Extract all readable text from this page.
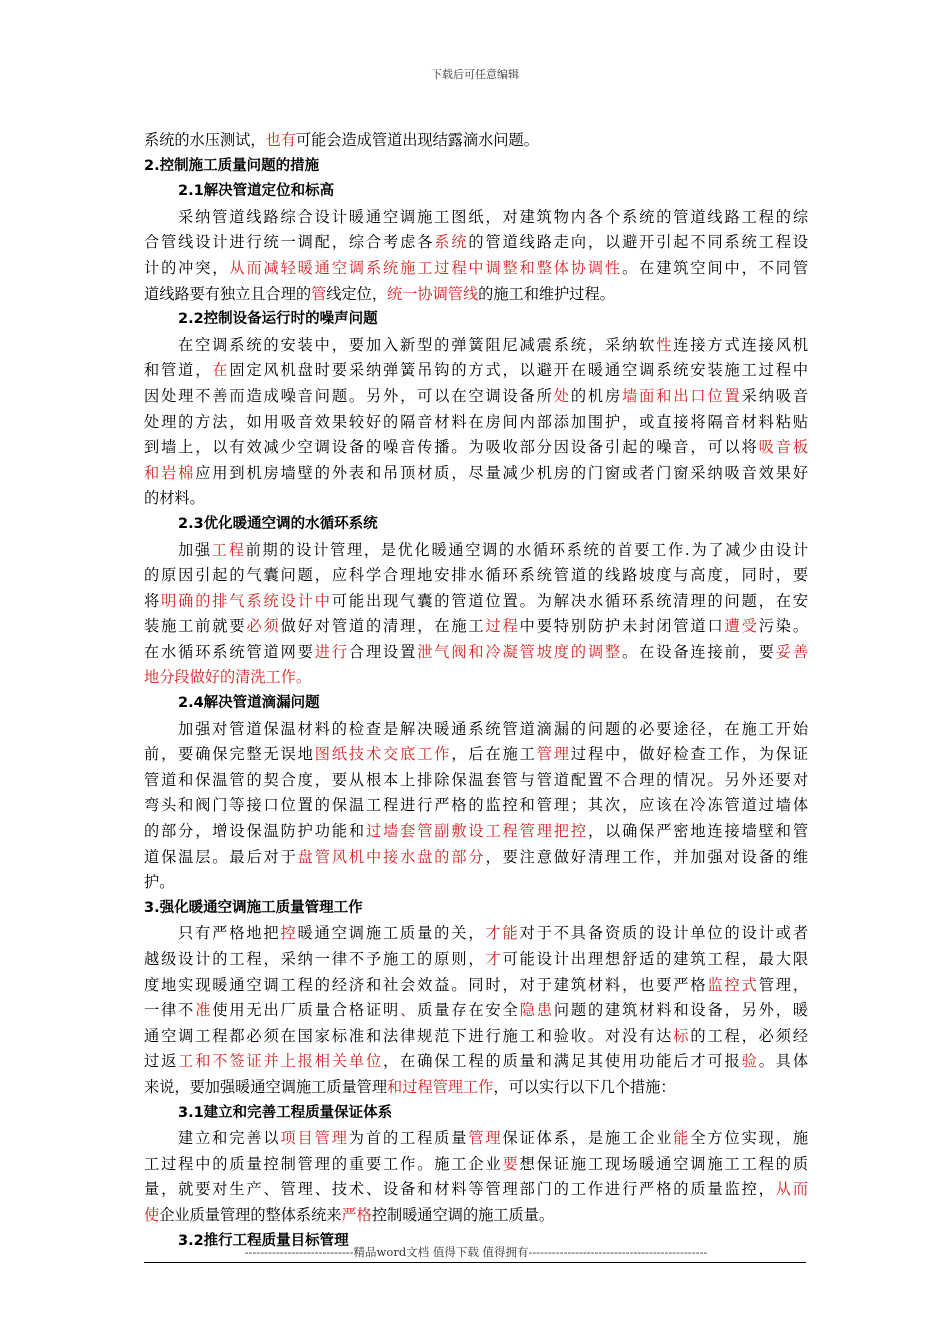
下载后可任意编辑
系统的水压测试，也有可能会造成管道出现结露滴水问题。
2.控制施工质量问题的措施
2.1解决管道定位和标高
采纳管道线路综合设计暖通空调施工图纸，对建筑物内各个系统的管道线路工程的综
合管线设计进行统一调配，综合考虑各系统的管道线路走向，以避开引起不同系统工程设
计的冲突，从而减轻暖通空调系统施工过程中调整和整体协调性。在建筑空间中，不同管
道线路要有独立且合理的管线定位，统一协调管线的施工和维护过程。
2.2控制设备运行时的噪声问题
在空调系统的安装中，要加入新型的弹簧阻尼减震系统，采纳软性连接方式连接风机
和管道，在固定风机盘时要采纳弹簧吊钩的方式，以避开在暖通空调系统安装施工过程中
因处理不善而造成噪音问题。另外，可以在空调设备所处的机房墙面和出口位置采纳吸音
处理的方法，如用吸音效果较好的隔音材料在房间内部添加围护，或直接将隔音材料粘贴
到墙上，以有效减少空调设备的噪音传播。为吸收部分因设备引起的噪音，可以将吸音板
和岩棉应用到机房墙壁的外表和吊顶材质，尽量减少机房的门窗或者门窗采纳吸音效果好
的材料。
2.3优化暖通空调的水循环系统
加强工程前期的设计管理，是优化暖通空调的水循环系统的首要工作.为了减少由设计
的原因引起的气囊问题，应科学合理地安排水循环系统管道的线路坡度与高度，同时，要
将明确的排气系统设计中可能出现气囊的管道位置。为解决水循环系统清理的问题，在安
装施工前就要必须做好对管道的清理，在施工过程中要特别防护未封闭管道口遭受污染。
在水循环系统管道网要进行合理设置泄气阀和冷凝管坡度的调整。在设备连接前，要妥善
地分段做好的清洗工作。
2.4解决管道滴漏问题
加强对管道保温材料的检查是解决暖通系统管道滴漏的问题的必要途径，在施工开始
前，要确保完整无误地图纸技术交底工作，后在施工管理过程中，做好检查工作，为保证
管道和保温管的契合度，要从根本上排除保温套管与管道配置不合理的情况。另外还要对
弯头和阀门等接口位置的保温工程进行严格的监控和管理；其次，应该在冷冻管道过墙体
的部分，增设保温防护功能和过墙套管副敷设工程管理把控，以确保严密地连接墙壁和管
道保温层。最后对于盘管风机中接水盘的部分，要注意做好清理工作，并加强对设备的维
护。
3.强化暖通空调施工质量管理工作
只有严格地把控暖通空调施工质量的关，才能对于不具备资质的设计单位的设计或者
越级设计的工程，采纳一律不予施工的原则，才可能设计出理想舒适的建筑工程，最大限
度地实现暖通空调工程的经济和社会效益。同时，对于建筑材料，也要严格监控式管理，
一律不准使用无出厂质量合格证明、质量存在安全隐患问题的建筑材料和设备，另外，暖
通空调工程都必须在国家标准和法律规范下进行施工和验收。对没有达标的工程，必须经
过返工和不签证并上报相关单位，在确保工程的质量和满足其使用功能后才可报验。具体
来说，要加强暖通空调施工质量管理和过程管理工作，可以实行以下几个措施：
3.1建立和完善工程质量保证体系
建立和完善以项目管理为首的工程质量管理保证体系，是施工企业能全方位实现，施
工过程中的质量控制管理的重要工作。施工企业要想保证施工现场暖通空调施工工程的质
量，就要对生产、管理、技术、设备和材料等管理部门的工作进行严格的质量监控，从而
使企业质量管理的整体系统来严格控制暖通空调的施工质量。
3.2推行工程质量目标管理
----------------------------精品word文档 值得下载 值得拥有----------------------------------------------
